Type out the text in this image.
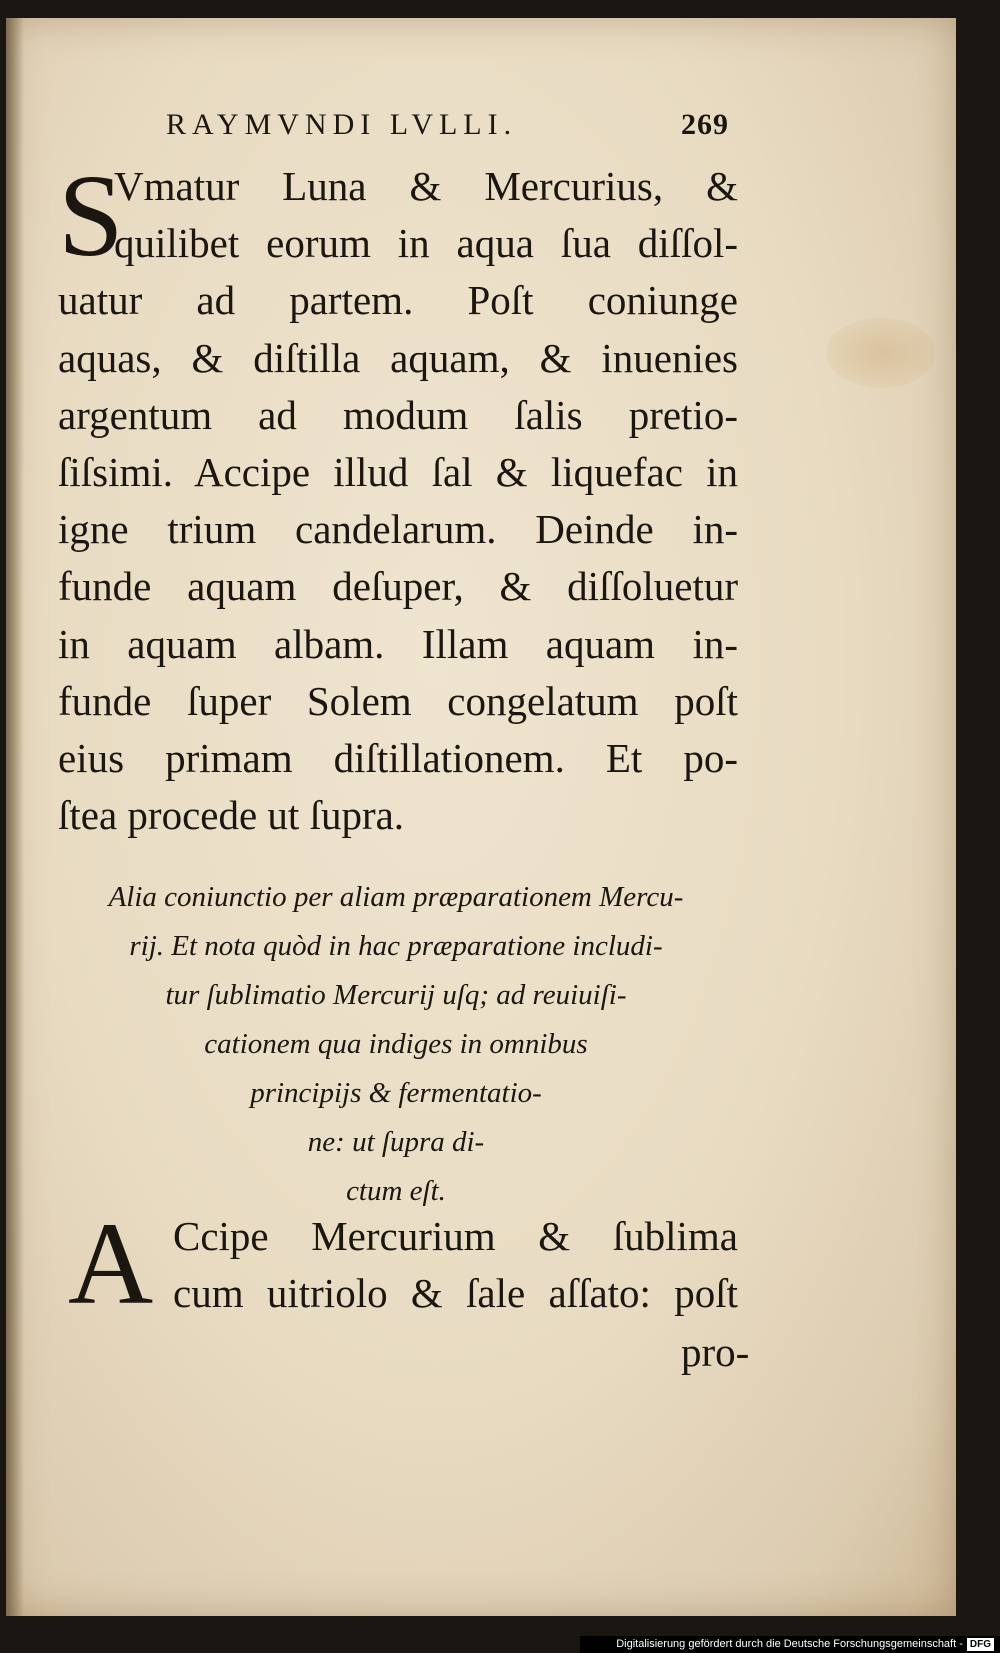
RAYMVNDI LVLLI.	269
S
Vmatur Luna & Mercurius, &
quilibet eorum in aqua ſua diſſol-
uatur ad partem. Poſt coniunge
aquas, & diſtilla aquam, & inuenies
argentum ad modum ſalis pretio-
ſiſsimi. Accipe illud ſal & liquefac in
igne trium candelarum. Deinde in-
funde aquam deſuper, & diſſoluetur
in aquam albam. Illam aquam in-
funde ſuper Solem congelatum poſt
eius primam diſtillationem. Et po-
ſtea procede ut ſupra.
Alia coniunctio per aliam præparationem Mercu-
rij. Et nota quòd in hac præparatione includi-
tur ſublimatio Mercurij uſq; ad reuiuiſi-
cationem qua indiges in omnibus
principijs & fermentatio-
ne: ut ſupra di-
ctum eſt.
A Ccipe Mercurium & ſublima
cum uitriolo & ſale aſſato: poſt
pro-
Digitalisierung gefördert durch die Deutsche Forschungsgemeinschaft - DFG
